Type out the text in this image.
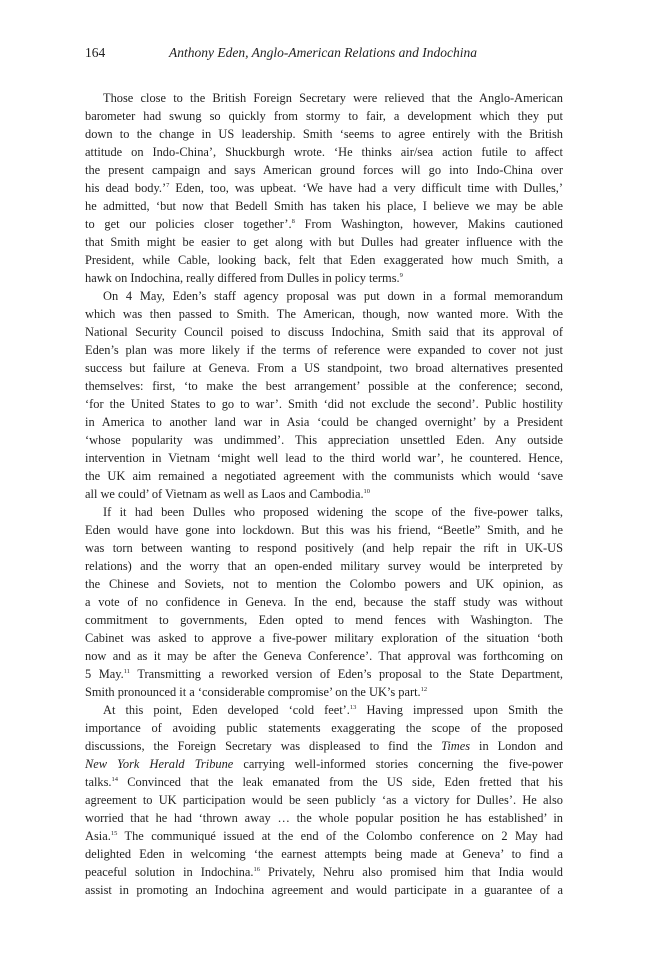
164	Anthony Eden, Anglo-American Relations and Indochina
Those close to the British Foreign Secretary were relieved that the Anglo-American
barometer had swung so quickly from stormy to fair, a development which they put
down to the change in US leadership. Smith ‘seems to agree entirely with the British
attitude on Indo-China’, Shuckburgh wrote. ‘He thinks air/sea action futile to affect
the present campaign and says American ground forces will go into Indo-China over
his dead body.’$^7$ Eden, too, was upbeat. ‘We have had a very difficult time with Dulles,’
he admitted, ‘but now that Bedell Smith has taken his place, I believe we may be able
to get our policies closer together’.$^8$ From Washington, however, Makins cautioned
that Smith might be easier to get along with but Dulles had greater influence with the
President, while Cable, looking back, felt that Eden exaggerated how much Smith, a
hawk on Indochina, really differed from Dulles in policy terms.$^9$
On 4 May, Eden’s staff agency proposal was put down in a formal memorandum
which was then passed to Smith. The American, though, now wanted more. With the
National Security Council poised to discuss Indochina, Smith said that its approval of
Eden’s plan was more likely if the terms of reference were expanded to cover not just
success but failure at Geneva. From a US standpoint, two broad alternatives presented
themselves: first, ‘to make the best arrangement’ possible at the conference; second,
‘for the United States to go to war’. Smith ‘did not exclude the second’. Public hostility
in America to another land war in Asia ‘could be changed overnight’ by a President
‘whose popularity was undimmed’. This appreciation unsettled Eden. Any outside
intervention in Vietnam ‘might well lead to the third world war’, he countered. Hence,
the UK aim remained a negotiated agreement with the communists which would ‘save
all we could’ of Vietnam as well as Laos and Cambodia.$^{10}$
If it had been Dulles who proposed widening the scope of the five-power talks,
Eden would have gone into lockdown. But this was his friend, “Beetle” Smith, and he
was torn between wanting to respond positively (and help repair the rift in UK-US
relations) and the worry that an open-ended military survey would be interpreted by
the Chinese and Soviets, not to mention the Colombo powers and UK opinion, as
a vote of no confidence in Geneva. In the end, because the staff study was without
commitment to governments, Eden opted to mend fences with Washington. The
Cabinet was asked to approve a five-power military exploration of the situation ‘both
now and as it may be after the Geneva Conference’. That approval was forthcoming on
5 May.$^{11}$ Transmitting a reworked version of Eden’s proposal to the State Department,
Smith pronounced it a ‘considerable compromise’ on the UK’s part.$^{12}$
At this point, Eden developed ‘cold feet’.$^{13}$ Having impressed upon Smith the
importance of avoiding public statements exaggerating the scope of the proposed
discussions, the Foreign Secretary was displeased to find the Times in London and
New York Herald Tribune carrying well-informed stories concerning the five-power
talks.$^{14}$ Convinced that the leak emanated from the US side, Eden fretted that his
agreement to UK participation would be seen publicly ‘as a victory for Dulles’. He also
worried that he had ‘thrown away … the whole popular position he has established’ in
Asia.$^{15}$ The communiqué issued at the end of the Colombo conference on 2 May had
delighted Eden in welcoming ‘the earnest attempts being made at Geneva’ to find a
peaceful solution in Indochina.$^{16}$ Privately, Nehru also promised him that India would
assist in promoting an Indochina agreement and would participate in a guarantee of a
